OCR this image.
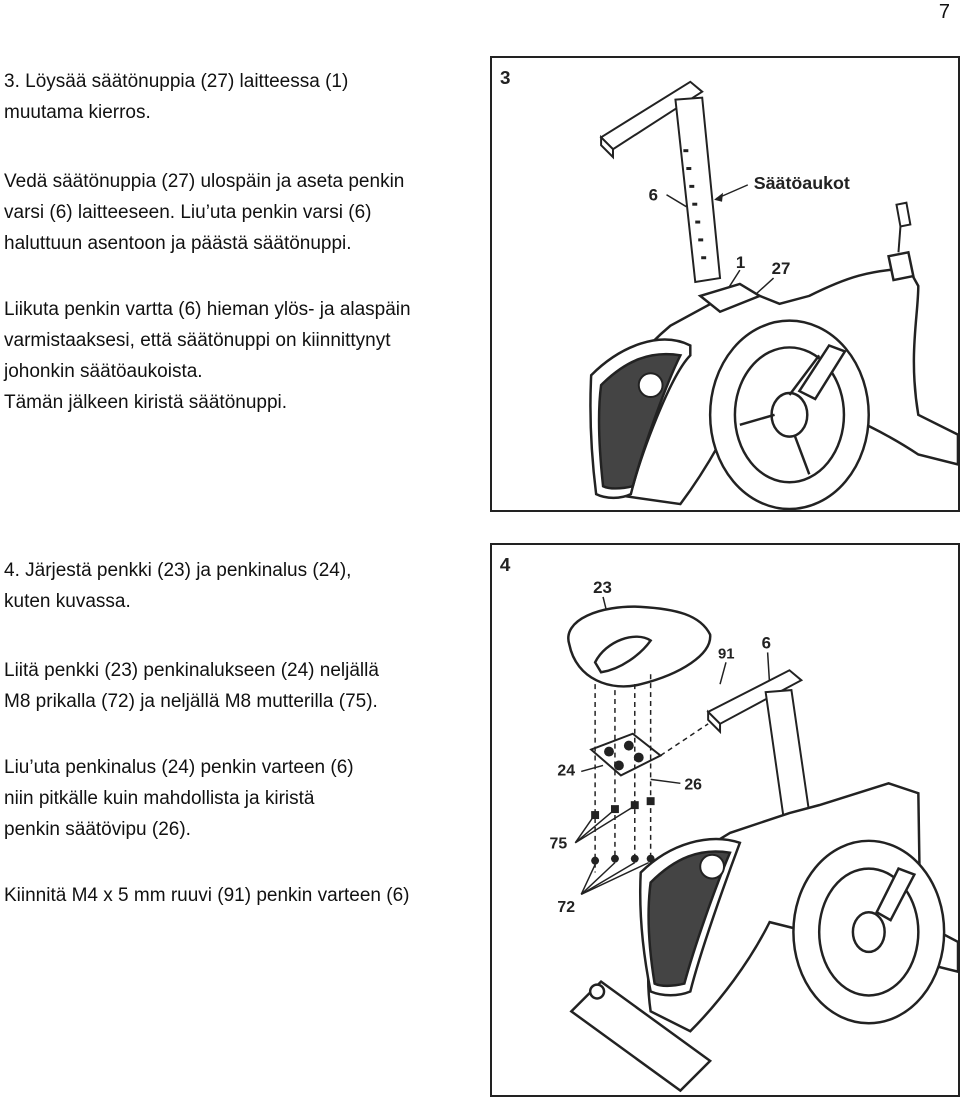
7

3. Löysää säätönuppia (27) laitteessa (1)
muutama kierros.

Vedä säätönuppia (27) ulospäin ja aseta penkin
varsi (6) laitteeseen. Liu’uta penkin varsi (6)
haluttuun asentoon ja päästä säätönuppi.

Liikuta penkin vartta (6) hieman ylös- ja alaspäin
varmistaaksesi, että säätönuppi on kiinnittynyt
johonkin säätöaukoista.
Tämän jälkeen kiristä säätönuppi.

4. Järjestä penkki (23) ja penkinalus (24),
kuten kuvassa.

Liitä penkki (23) penkinalukseen (24) neljällä
M8 prikalla (72) ja neljällä M8 mutterilla (75).

Liu’uta penkinalus (24) penkin varteen (6)
niin pitkälle kuin mahdollista ja kiristä
penkin säätövipu (26).

Kiinnitä M4 x 5 mm ruuvi (91) penkin varteen (6)

3
6
Säätöaukot
1 27
4
23
91
6
24
26
75
72
